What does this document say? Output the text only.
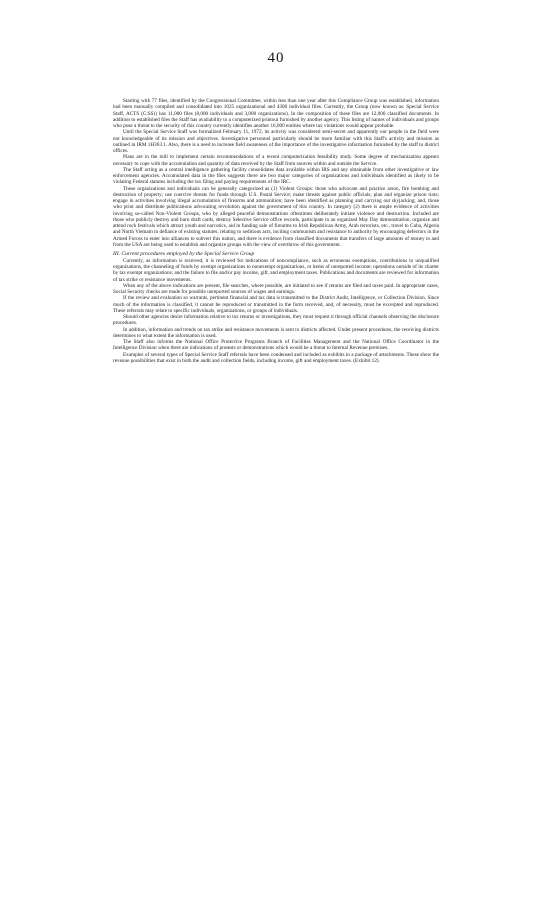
40

Starting with 77 files, identified by the Congressional Committee, within less than one year after this Compliance Group was established, information had been manually compiled and consolidated into 1025 organizational and 4300 individual files. Currently, the Group (now known as: Special Service Staff, ACTS (C:SS)) has 11,000 files (8,000 individuals and 3,000 organizations). In the composition of these files are 12,000 classified documents. In addition to established files the Staff has availability to a computerized printout furnished by another agency. This listing of names of individuals and groups who pose a threat to the security of this country currently identifies another 16,000 entities where tax violations would appear probable.

Until the Special Service Staff was formalized February 11, 1972, its activity was considered semi-secret and apparently our people in the field were not knowledgeable of its mission and objectives. Investigative personnel particularly should be more familiar with this Staff's activity and mission as outlined in IRM 1H363.1. Also, there is a need to increase field awareness of the importance of the investigative information furnished by the staff to district offices.

Plans are in the mill to implement certain recommendations of a recent computerization feasibility study. Some degree of mechanization appears necessary to cope with the accumulation and quantity of data received by the Staff from sources within and outside the Service.

The Staff acting as a central intelligence gathering facility consolidates data available within IRS and any obtainable from other investigative or law enforcement agencies. Accumulated data in the files suggests there are two major categories of organizations and individuals identified as likely to be violating Federal statutes including the tax filing and paying requirements of the IRC.

These organizations and individuals can be generally categorized as (1) Violent Groups: those who advocate and practice arson, fire bombing and destruction of property; use coercive threats for funds through U.S. Postal Service; make threats against public officials; plan and organize prison riots; engage in activities involving illegal accumulation of firearms and ammunition; have been identified as planning and carrying out skyjacking; and, those who print and distribute publications advocating revolution against the government of this country. In category (2) there is ample evidence of activities involving so-called Non-Violent Groups, who by alleged peaceful demonstrations oftentimes deliberately initiate violence and destruction. Included are those who publicly destroy and burn draft cards, destroy Selective Service office records, participate in an organized May Day demonstration, organize and attend rock festivals which attract youth and narcotics, aid in funding sale of firearms to Irish Republican Army, Arab terrorists, etc., travel to Cuba, Algeria and North Vietnam in defiance of existing statutes, relating to seditious acts, inciting communism and resistance to authority by encouraging defectors in the Armed Forces to enter into alliances to subvert this nation, and there is evidence from classified documents that transfers of large amounts of money to and from the USA are being used to establish and organize groups with the view of overthrow of this government.

III. Current procedures employed by the Special Service Group

Currently, as information is received, it is reviewed for indications of noncompliance, such as erroneous exemptions, contributions to unqualified organizations, the channeling of funds by exempt organizations to nonexempt organizations, or items of unreported income; operations outside of its charter by tax exempt organizations; and the failure to file and/or pay income, gift, and employment taxes. Publications and documents are reviewed for information of tax strike or resistance movements.

When any of the above indications are present, file searches, where possible, are initiated to see if returns are filed and taxes paid. In appropriate cases, Social Security checks are made for possible unreported sources of wages and earnings.

If the review and evaluation so warrants, pertinent financial and tax data is transmitted to the District Audit, Intelligence, or Collection Division. Since much of the information is classified, it cannot be reproduced or transmitted in the form received, and, of necessity, must be excerpted and reproduced. These referrals may relate to specific individuals, organizations, or groups of individuals.

Should other agencies desire information relative to tax returns or investigations, they must request it through official channels observing the disclosure procedures.

In addition, information and trends on tax strike and resistance movements is sent to districts affected. Under present procedures, the receiving districts determines to what extent the information is used.

The Staff also informs the National Office Protective Programs Branch of Facilities Management and the National Office Coordinator in the Intelligence Division when there are indications of protests or demonstrations which would be a threat to Internal Revenue premises.

Examples of several types of Special Service Staff referrals have been condensed and included as exhibits in a package of attachments. These show the revenue possibilities that exist in both the audit and collection fields, including income, gift and employment taxes. (Exhibit 12).
